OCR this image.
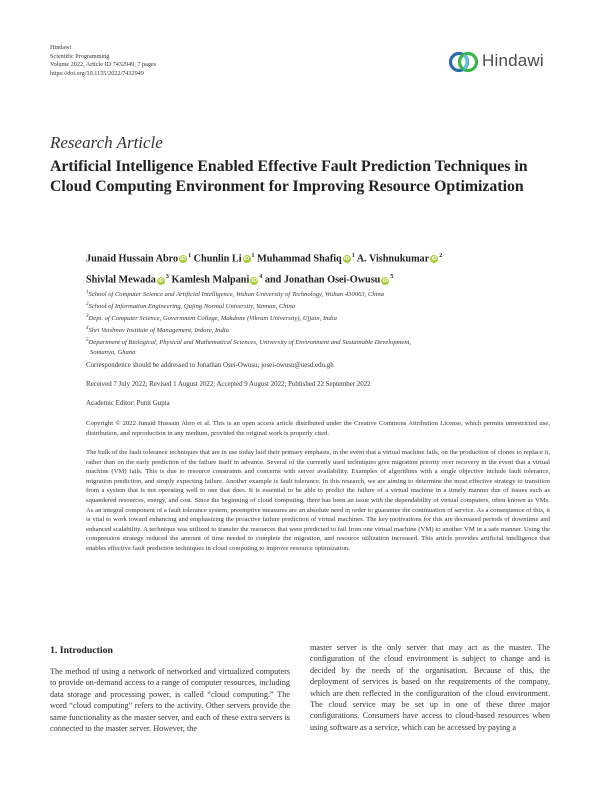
Hindawi
Scientific Programming
Volume 2022, Article ID 7432949, 7 pages
https://doi.org/10.1155/2022/7432949
Hindawi
Research Article
Artificial Intelligence Enabled Effective Fault Prediction Techniques in Cloud Computing Environment for Improving Resource Optimization
Junaid Hussain Abro $iD^1$ Chunlin Li $iD^1$ Muhammad Shafiq $iD^1$ A. Vishnukumar $iD^2$
Shivlal Mewada $iD^3$ Kamlesh Malpani $iD^4$ and Jonathan Osei-Owusu $iD^5$
$^1$School of Computer Science and Artificial Intelligence, Wuhan University of Technology, Wuhan 430063, China
$^2$School of Information Engineering, Qujing Normal University, Yunnan, China
$^3$Dept. of Computer Science, Government College, Makdone (Vikram University), Ujjain, India
$^4$Shri Vaishnav Institute of Management, Indore, India
$^5$Department of Biological, Physical and Mathematical Sciences, University of Environment and Sustainable Development,
Somanya, Ghana
Correspondence should be addressed to Jonathan Osei-Owusu; josei-owusu@uesd.edu.gh
Received 7 July 2022; Revised 1 August 2022; Accepted 9 August 2022; Published 22 September 2022
Academic Editor: Punit Gupta
Copyright © 2022 Junaid Hussain Abro et al. This is an open access article distributed under the Creative Commons Attribution License, which permits unrestricted use, distribution, and reproduction in any medium, provided the original work is properly cited.
The bulk of the fault tolerance techniques that are in use today laid their primary emphasis, in the event that a virtual machine fails, on the production of clones to replace it, rather than on the early prediction of the failure itself in advance. Several of the currently used techniques give migration priority over recovery in the event that a virtual machine (VM) fails. This is due to resource constraints and concerns with server availability. Examples of algorithms with a single objective include fault tolerance, migration prediction, and simply expecting failure. Another example is fault tolerance. In this research, we are aiming to determine the most effective strategy to transition from a system that is not operating well to one that does. It is essential to be able to predict the failure of a virtual machine in a timely manner due of issues such as squandered resources, energy, and cost. Since the beginning of cloud computing, there has been an issue with the dependability of virtual computers, often known as VMs. As an integral component of a fault tolerance system, preemptive measures are an absolute need in order to guarantee the continuation of service. As a consequence of this, it is vital to work toward enhancing and emphasizing the proactive failure prediction of virtual machines. The key motivations for this are decreased periods of downtime and enhanced scalability. A technique was utilized to transfer the resources that were predicted to fail from one virtual machine (VM) to another VM in a safe manner. Using the compression strategy reduced the amount of time needed to complete the migration, and resource utilization increased. This article provides artificial intelligence that enables effective fault prediction techniques in cloud computing to improve resource optimization.
1. Introduction
The method of using a network of networked and virtualized computers to provide on-demand access to a range of computer resources, including data storage and processing power, is called “cloud computing.” The word “cloud computing” refers to the activity. Other servers provide the same functionality as the master server, and each of these extra servers is connected to the master server. However, the
master server is the only server that may act as the master. The configuration of the cloud environment is subject to change and is decided by the needs of the organisation. Because of this, the deployment of services is based on the requirements of the company, which are then reflected in the configuration of the cloud environment. The cloud service may be set up in one of these three major configurations. Consumers have access to cloud-based resources when using software as a service, which can be accessed by paying a
